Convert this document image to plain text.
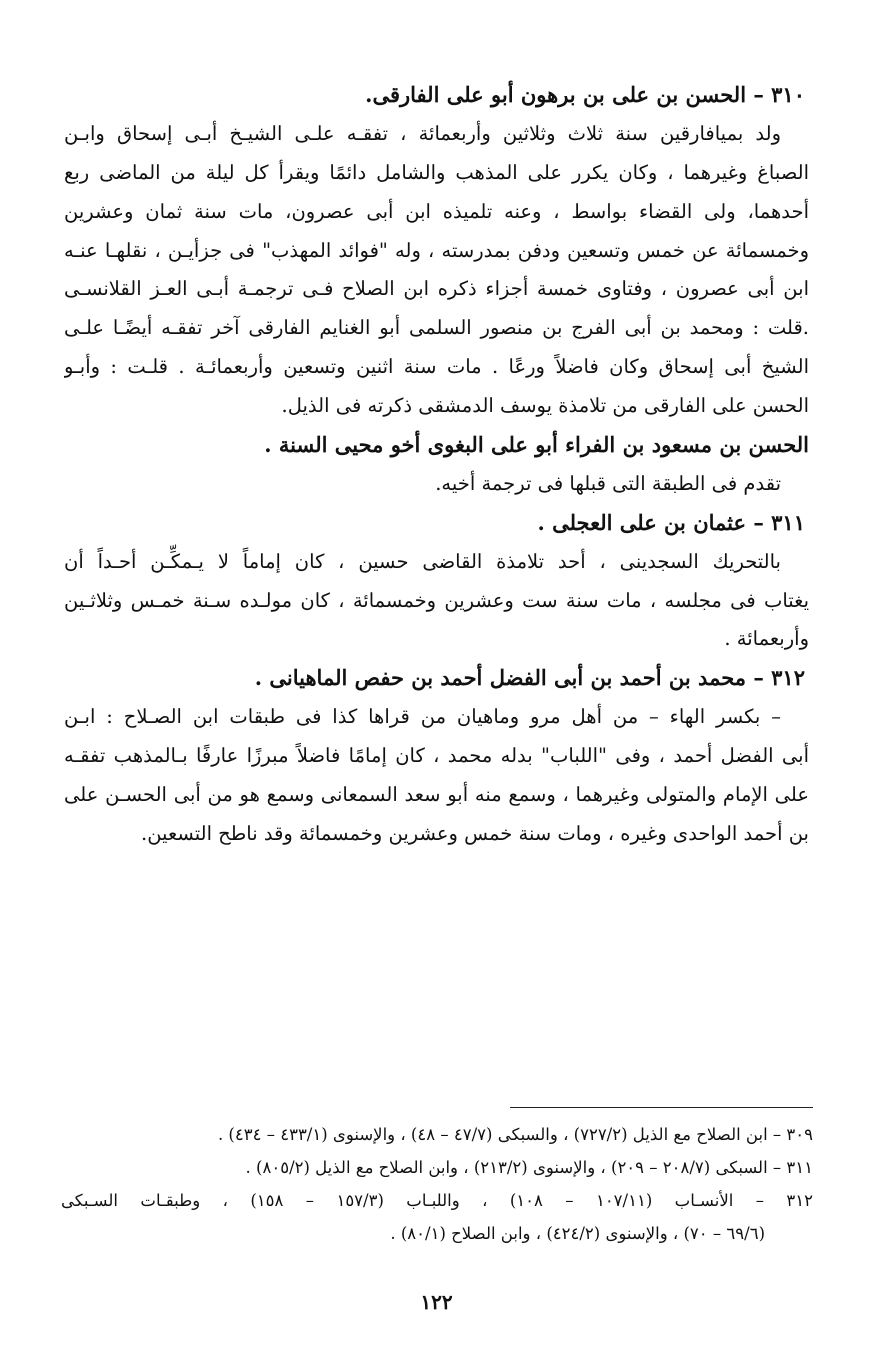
٣١٠ – الحسن بن على بن برهون أبو على الفارقى.
ولد بميافارقين سنة ثلاث وثلاثين وأربعمائة ، تفقـه علـى الشيـخ أبـى إسحاق وابـن
الصباغ وغيرهما ، وكان يكرر على المذهب والشامل دائمًا ويقرأ كل ليلة من الماضى ربع
أحدهما، ولى القضاء بواسط ، وعنه تلميذه ابن أبى عصرون، مات سنة ثمان وعشرين
وخمسمائة عن خمس وتسعين ودفن بمدرسته ، وله "فوائد المهذب" فى جزأيـن ، نقلهـا عنـه
ابن أبى عصرون ، وفتاوى خمسة أجزاء ذكره ابن الصلاح فـى ترجمـة أبـى العـز القلانسـى
.قلت : ومحمد بن أبى الفرج بن منصور السلمى أبو الغنايم الفارقى آخر تفقـه أيضًـا علـى
الشيخ أبى إسحاق وكان فاضلاً ورعًا . مات سنة اثنين وتسعين وأربعمائـة . قلـت : وأبـو
الحسن على الفارقى من تلامذة يوسف الدمشقى ذكرته فى الذيل.
الحسن بن مسعود بن الفراء أبو على البغوى أخو محيى السنة .
تقدم فى الطبقة التى قبلها فى ترجمة أخيه.
٣١١ – عثمان بن على العجلى .
بالتحريك السجدينى ، أحد تلامذة القاضى حسين ، كان إماماً لا يـمكِّـن أحـداً أن
يغتاب فى مجلسه ، مات سنة ست وعشرين وخمسمائة ، كان مولـده سـنة خمـس وثلاثـين
وأربعمائة .
٣١٢ – محمد بن أحمد بن أبى الفضل أحمد بن حفص الماهيانى .
– بكسر الهاء – من أهل مرو وماهيان من قراها كذا فى طبقات ابن الصـلاح : ابـن
أبى الفضل أحمد ، وفى "اللباب" بدله محمد ، كان إمامًا فاضلاً مبرزًا عارفًا بـالمذهب تفقـه
على الإمام والمتولى وغيرهما ، وسمع منه أبو سعد السمعانى وسمع هو من أبى الحسـن على
بن أحمد الواحدى وغيره ، ومات سنة خمس وعشرين وخمسمائة وقد ناطح التسعين.
٣٠٩ – ابن الصلاح مع الذيل (٧٢٧/٢) ، والسبكى (٤٧/٧ – ٤٨) ، والإسنوى (٤٣٣/١ – ٤٣٤) .
٣١١ – السبكى (٢٠٨/٧ – ٢٠٩) ، والإسنوى (٢١٣/٢) ، وابن الصلاح مع الذيل (٨٠٥/٢) .
٣١٢ – الأنسـاب (١٠٧/١١ – ١٠٨) ، واللبـاب (١٥٧/٣ – ١٥٨) ، وطبقـات السـبكى
(٦٩/٦ – ٧٠) ، والإسنوى (٤٢٤/٢) ، وابن الصلاح (٨٠/١) .
١٢٢
